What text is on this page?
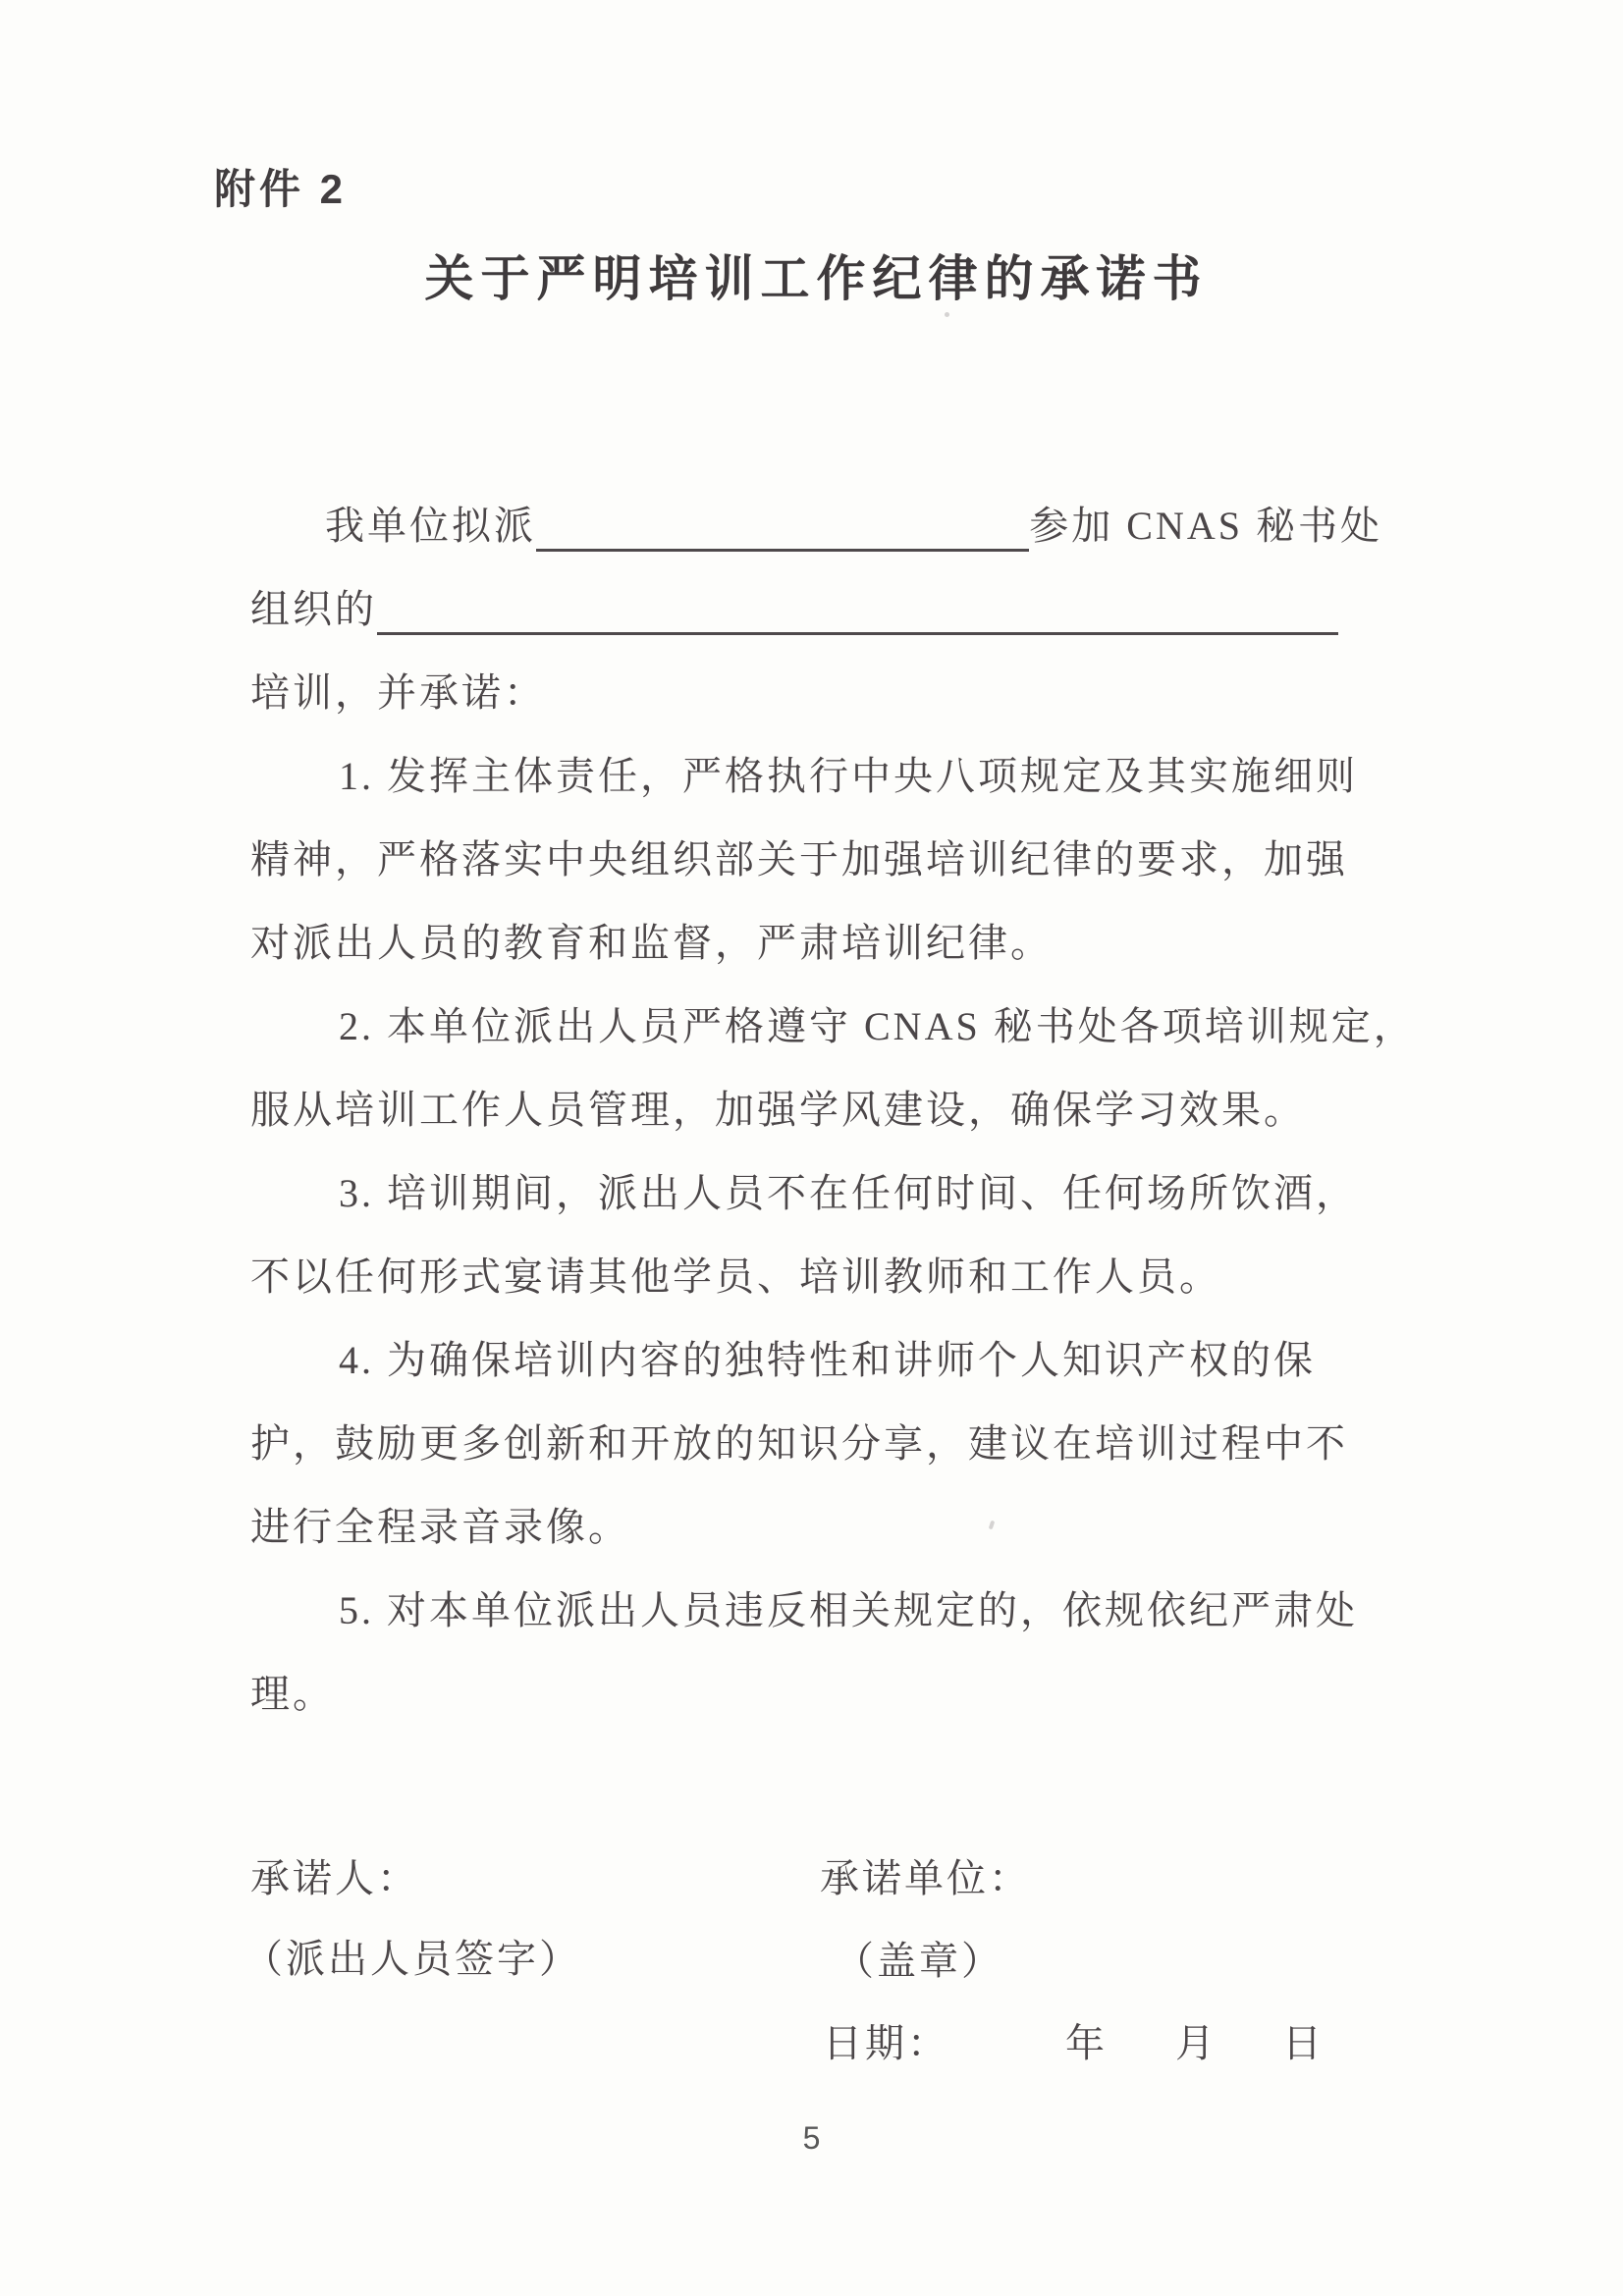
附件 2
关于严明培训工作纪律的承诺书
我单位拟派	参加 CNAS 秘书处
组织的
培训，并承诺：
1. 发挥主体责任，严格执行中央八项规定及其实施细则
精神，严格落实中央组织部关于加强培训纪律的要求，加强
对派出人员的教育和监督，严肃培训纪律。
2. 本单位派出人员严格遵守 CNAS 秘书处各项培训规定，
服从培训工作人员管理，加强学风建设，确保学习效果。
3. 培训期间，派出人员不在任何时间、任何场所饮酒，
不以任何形式宴请其他学员、培训教师和工作人员。
4. 为确保培训内容的独特性和讲师个人知识产权的保
护，鼓励更多创新和开放的知识分享，建议在培训过程中不
进行全程录音录像。
5. 对本单位派出人员违反相关规定的，依规依纪严肃处
理。
承诺人：	承诺单位：
（派出人员签字）	（盖章）
日期：	年 月 日
5
